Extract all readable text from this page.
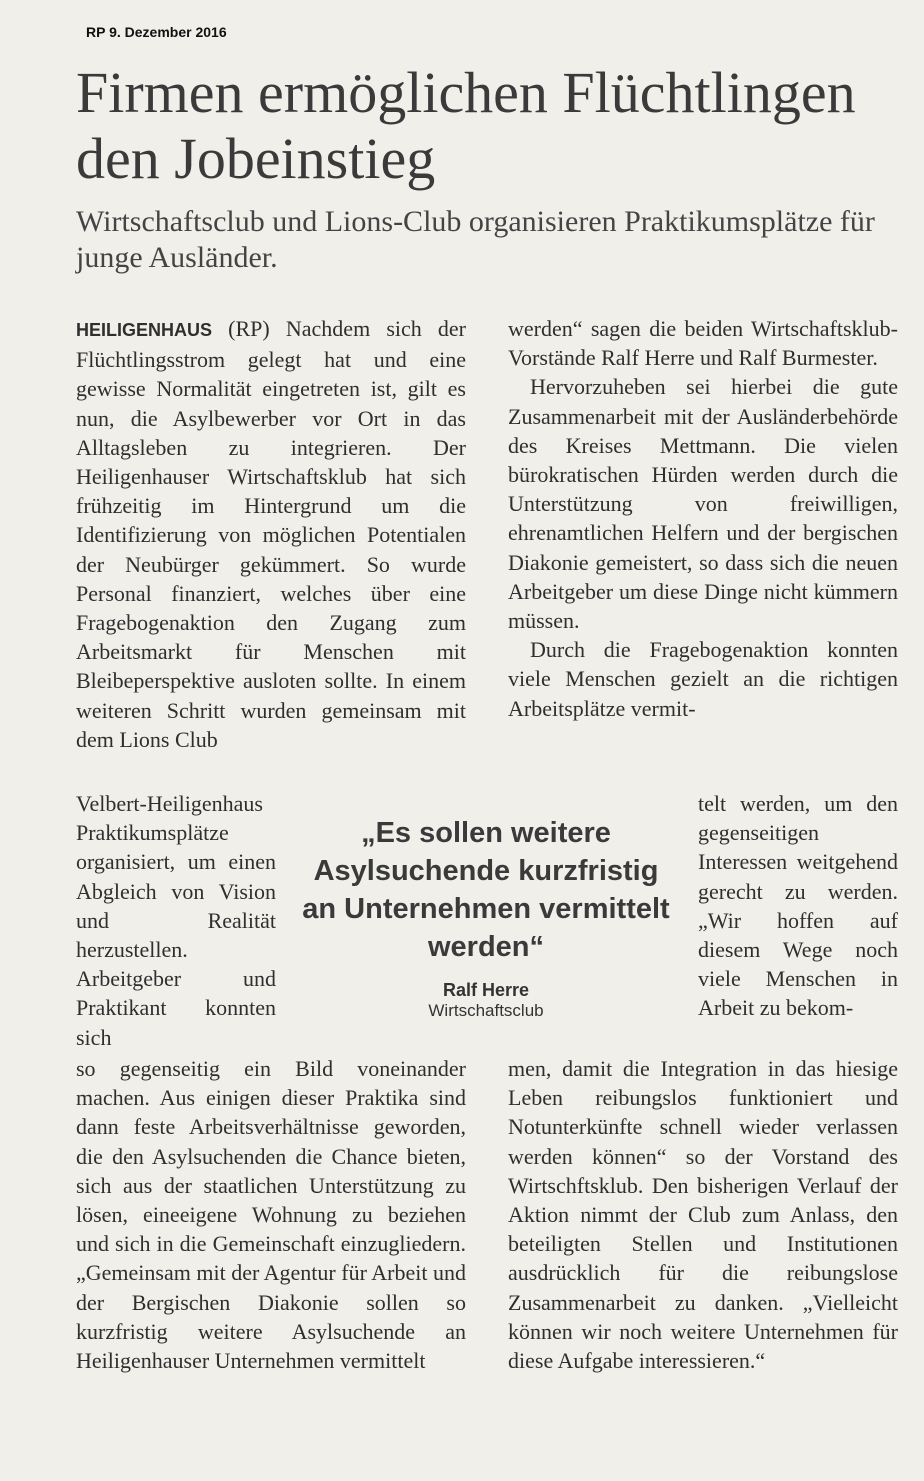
RP 9. Dezember 2016
Firmen ermöglichen Flüchtlingen den Jobeinstieg
Wirtschaftsclub und Lions-Club organisieren Praktikumsplätze für junge Ausländer.

HEILIGENHAUS (RP) Nachdem sich der Flüchtlingsstrom gelegt hat und eine gewisse Normalität eingetreten ist, gilt es nun, die Asylbewerber vor Ort in das Alltagsleben zu integrieren. Der Heiligenhauser Wirtschaftsklub hat sich frühzeitig im Hintergrund um die Identifizierung von möglichen Potentialen der Neubürger gekümmert. So wurde Personal finanziert, welches über eine Fragebogenaktion den Zugang zum Arbeitsmarkt für Menschen mit Bleibeperspektive ausloten sollte. In einem weiteren Schritt wurden gemeinsam mit dem Lions Club

Velbert-Heiligenhaus Praktikumsplätze organisiert, um einen Abgleich von Vision und Realität herzustellen. Arbeitgeber und Praktikant konnten sich

so gegenseitig ein Bild voneinander machen. Aus einigen dieser Praktika sind dann feste Arbeitsverhältnisse geworden, die den Asylsuchenden die Chance bieten, sich aus der staatlichen Unterstützung zu lösen, eineeigene Wohnung zu beziehen und sich in die Gemeinschaft einzugliedern. „Gemeinsam mit der Agentur für Arbeit und der Bergischen Diakonie sollen so kurzfristig weitere Asylsuchende an Heiligenhauser Unternehmen vermittelt

werden“ sagen die beiden Wirtschaftsklub-Vorstände Ralf Herre und Ralf Burmester.

Hervorzuheben sei hierbei die gute Zusammenarbeit mit der Ausländerbehörde des Kreises Mettmann. Die vielen bürokratischen Hürden werden durch die Unterstützung von freiwilligen, ehrenamtlichen Helfern und der bergischen Diakonie gemeistert, so dass sich die neuen Arbeitgeber um diese Dinge nicht kümmern müssen.

Durch die Fragebogenaktion konnten viele Menschen gezielt an die richtigen Arbeitsplätze vermit-

telt werden, um den gegenseitigen Interessen weitgehend gerecht zu werden. „Wir hoffen auf diesem Wege noch viele Menschen in Arbeit zu bekom-

men, damit die Integration in das hiesige Leben reibungslos funktioniert und Notunterkünfte schnell wieder verlassen werden können“ so der Vorstand des Wirtschftsklub. Den bisherigen Verlauf der Aktion nimmt der Club zum Anlass, den beteiligten Stellen und Institutionen ausdrücklich für die reibungslose Zusammenarbeit zu danken. „Vielleicht können wir noch weitere Unternehmen für diese Aufgabe interessieren.“

„Es sollen weitere Asylsuchende kurzfristig an Unternehmen vermittelt werden“
Ralf Herre
Wirtschaftsclub
